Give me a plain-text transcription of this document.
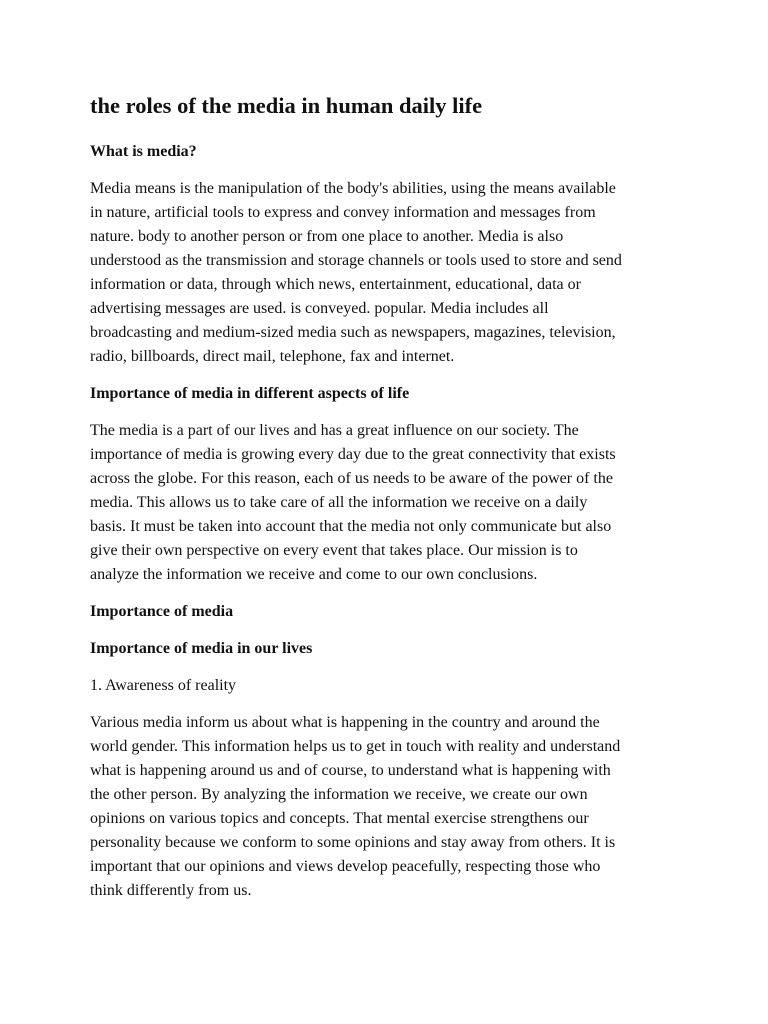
the roles of the media in human daily life
What is media?

Media means is the manipulation of the body's abilities, using the means available
in nature, artificial tools to express and convey information and messages from
nature. body to another person or from one place to another. Media is also
understood as the transmission and storage channels or tools used to store and send
information or data, through which news, entertainment, educational, data or
advertising messages are used. is conveyed. popular. Media includes all
broadcasting and medium-sized media such as newspapers, magazines, television,
radio, billboards, direct mail, telephone, fax and internet.

Importance of media in different aspects of life

The media is a part of our lives and has a great influence on our society. The
importance of media is growing every day due to the great connectivity that exists
across the globe. For this reason, each of us needs to be aware of the power of the
media. This allows us to take care of all the information we receive on a daily
basis. It must be taken into account that the media not only communicate but also
give their own perspective on every event that takes place. Our mission is to
analyze the information we receive and come to our own conclusions.

Importance of media
Importance of media in our lives
1. Awareness of reality

Various media inform us about what is happening in the country and around the
world gender. This information helps us to get in touch with reality and understand
what is happening around us and of course, to understand what is happening with
the other person. By analyzing the information we receive, we create our own
opinions on various topics and concepts. That mental exercise strengthens our
personality because we conform to some opinions and stay away from others. It is
important that our opinions and views develop peacefully, respecting those who
think differently from us.
